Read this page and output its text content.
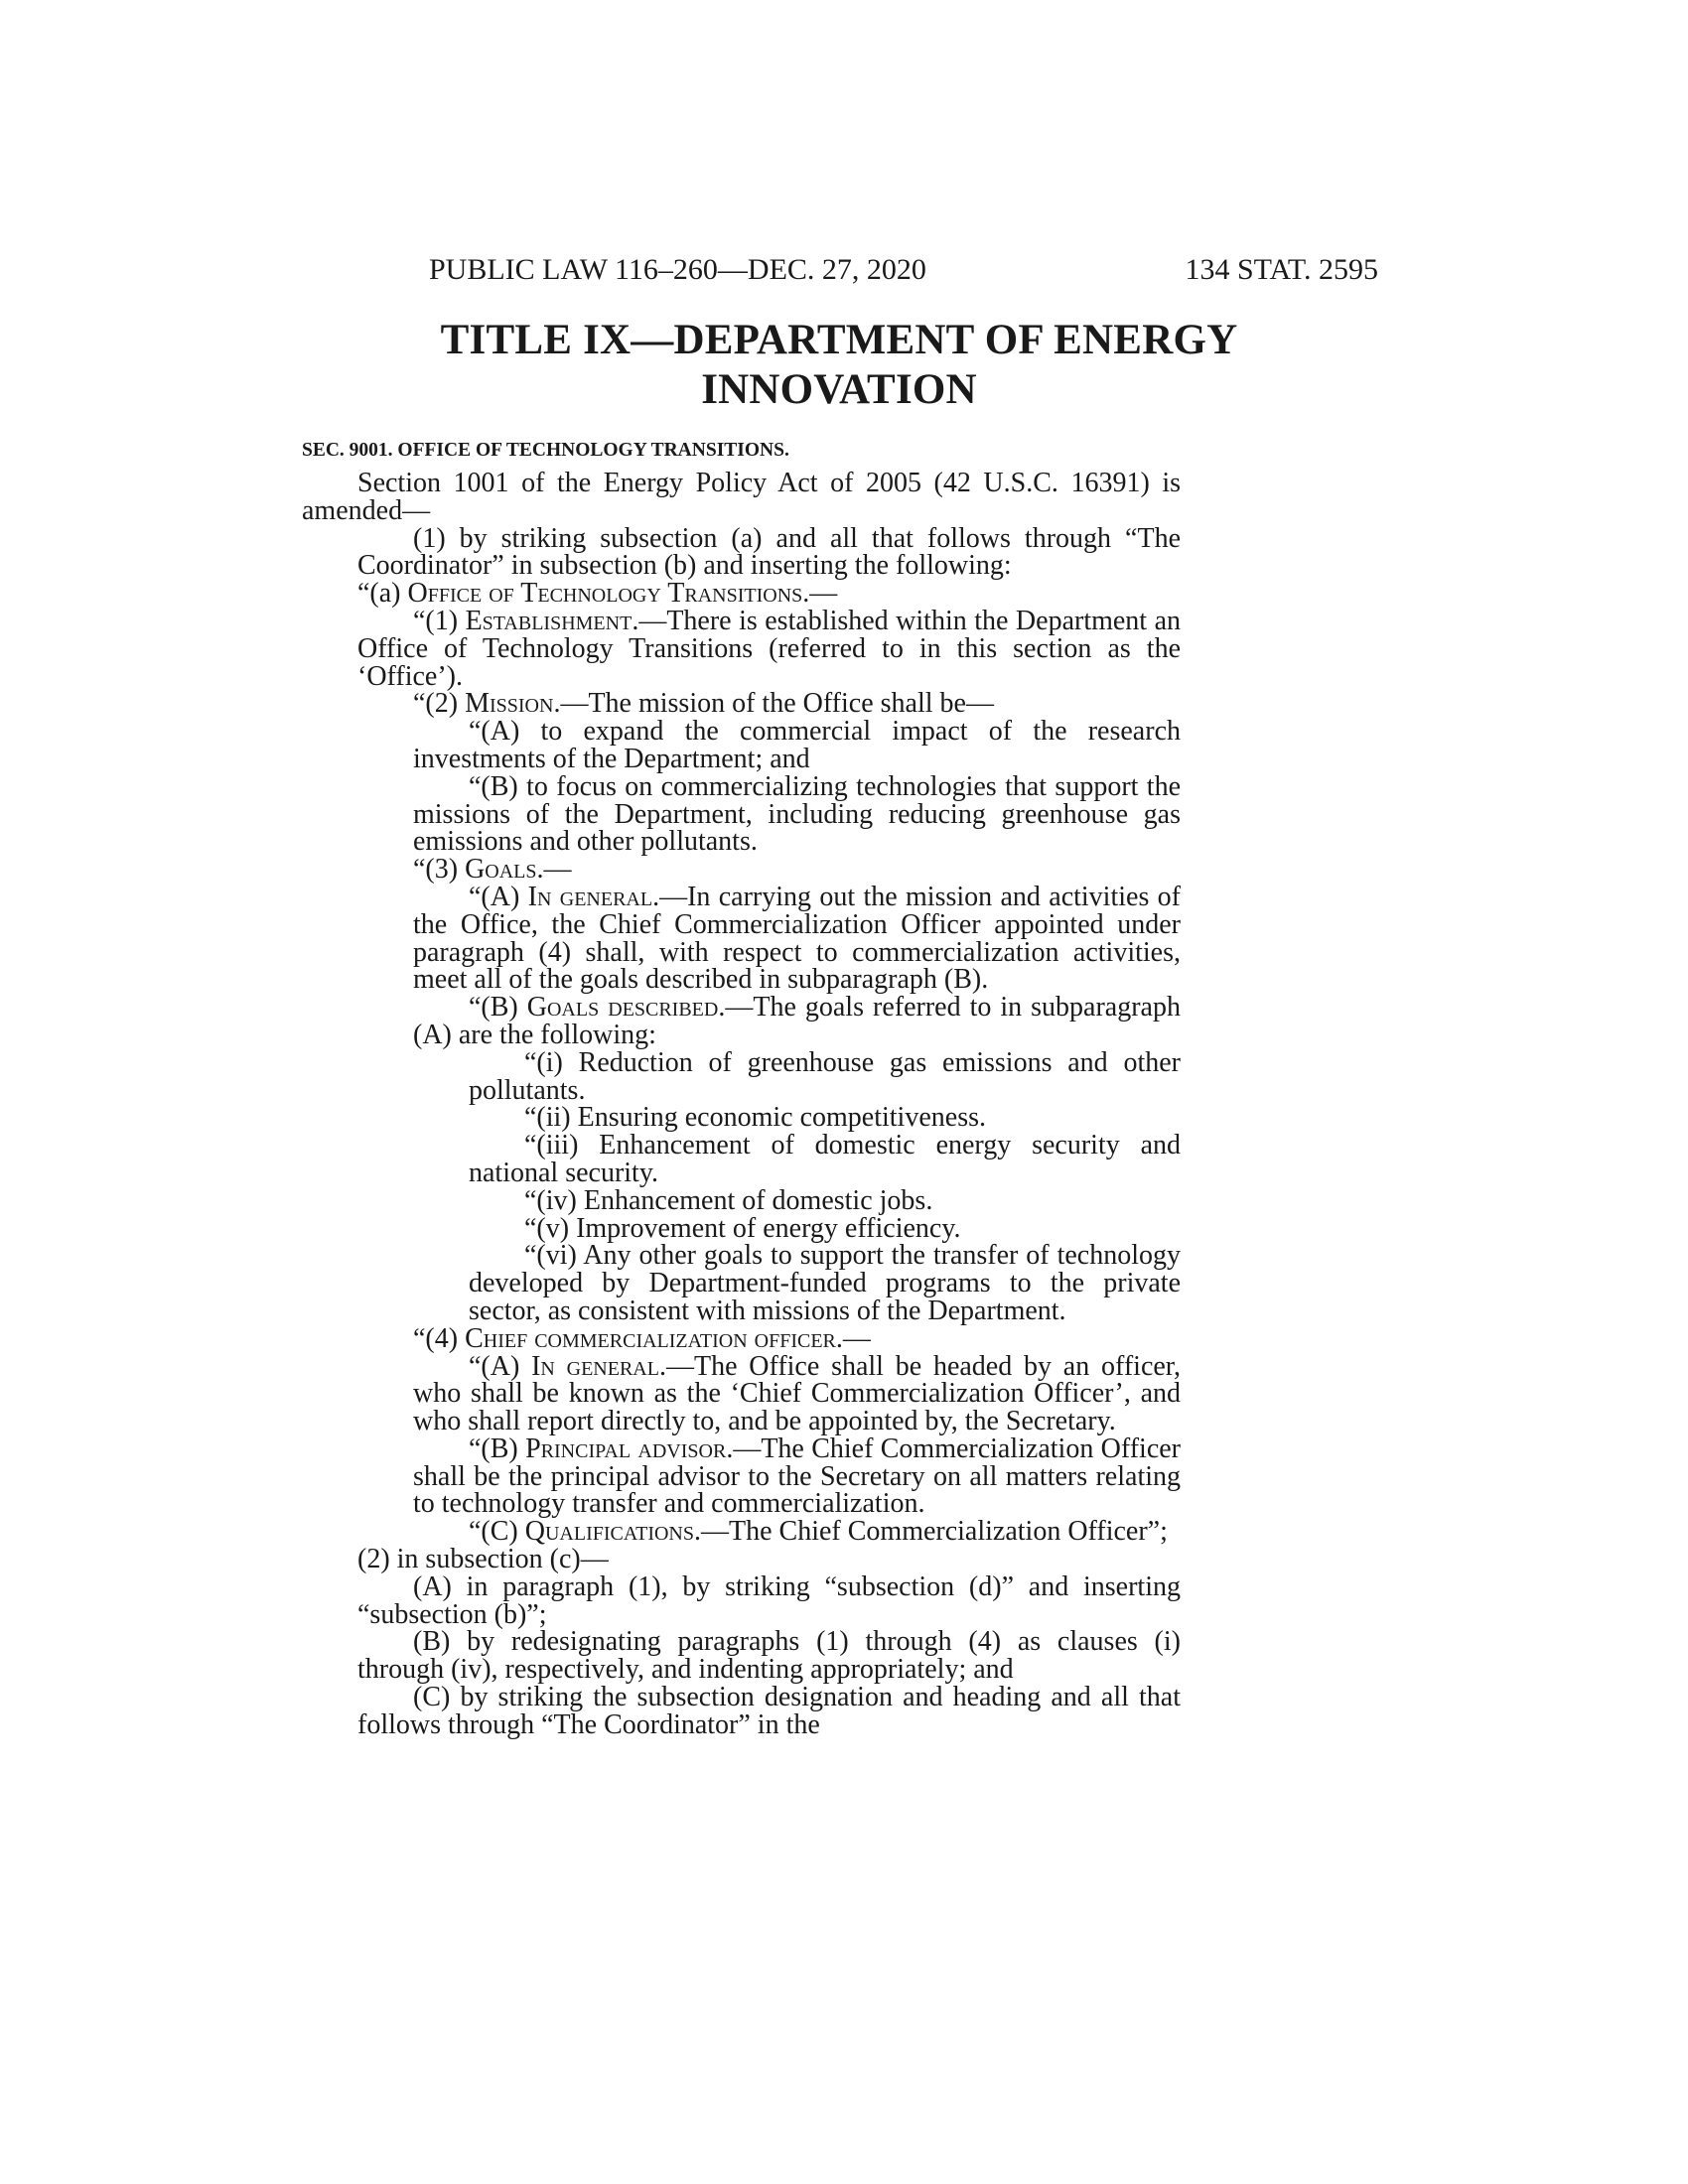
PUBLIC LAW 116–260—DEC. 27, 2020	134 STAT. 2595
TITLE IX—DEPARTMENT OF ENERGY
INNOVATION
SEC. 9001. OFFICE OF TECHNOLOGY TRANSITIONS.

Section 1001 of the Energy Policy Act of 2005 (42 U.S.C. 16391) is amended—

(1) by striking subsection (a) and all that follows through “The Coordinator” in subsection (b) and inserting the following:

“(a) Office of Technology Transitions.—

“(1) Establishment.—There is established within the Department an Office of Technology Transitions (referred to in this section as the ‘Office’).

“(2) Mission.—The mission of the Office shall be—

“(A) to expand the commercial impact of the research investments of the Department; and

“(B) to focus on commercializing technologies that support the missions of the Department, including reducing greenhouse gas emissions and other pollutants.

“(3) Goals.—

“(A) In general.—In carrying out the mission and activities of the Office, the Chief Commercialization Officer appointed under paragraph (4) shall, with respect to commercialization activities, meet all of the goals described in subparagraph (B).

“(B) Goals described.—The goals referred to in subparagraph (A) are the following:

“(i) Reduction of greenhouse gas emissions and other pollutants.

“(ii) Ensuring economic competitiveness.

“(iii) Enhancement of domestic energy security and national security.

“(iv) Enhancement of domestic jobs.

“(v) Improvement of energy efficiency.

“(vi) Any other goals to support the transfer of technology developed by Department-funded programs to the private sector, as consistent with missions of the Department.

“(4) Chief commercialization officer.—

“(A) In general.—The Office shall be headed by an officer, who shall be known as the ‘Chief Commercialization Officer’, and who shall report directly to, and be appointed by, the Secretary.

“(B) Principal advisor.—The Chief Commercialization Officer shall be the principal advisor to the Secretary on all matters relating to technology transfer and commercialization.

“(C) Qualifications.—The Chief Commercialization Officer”;

(2) in subsection (c)—

(A) in paragraph (1), by striking “subsection (d)” and inserting “subsection (b)”;

(B) by redesignating paragraphs (1) through (4) as clauses (i) through (iv), respectively, and indenting appropriately; and

(C) by striking the subsection designation and heading and all that follows through “The Coordinator” in the
